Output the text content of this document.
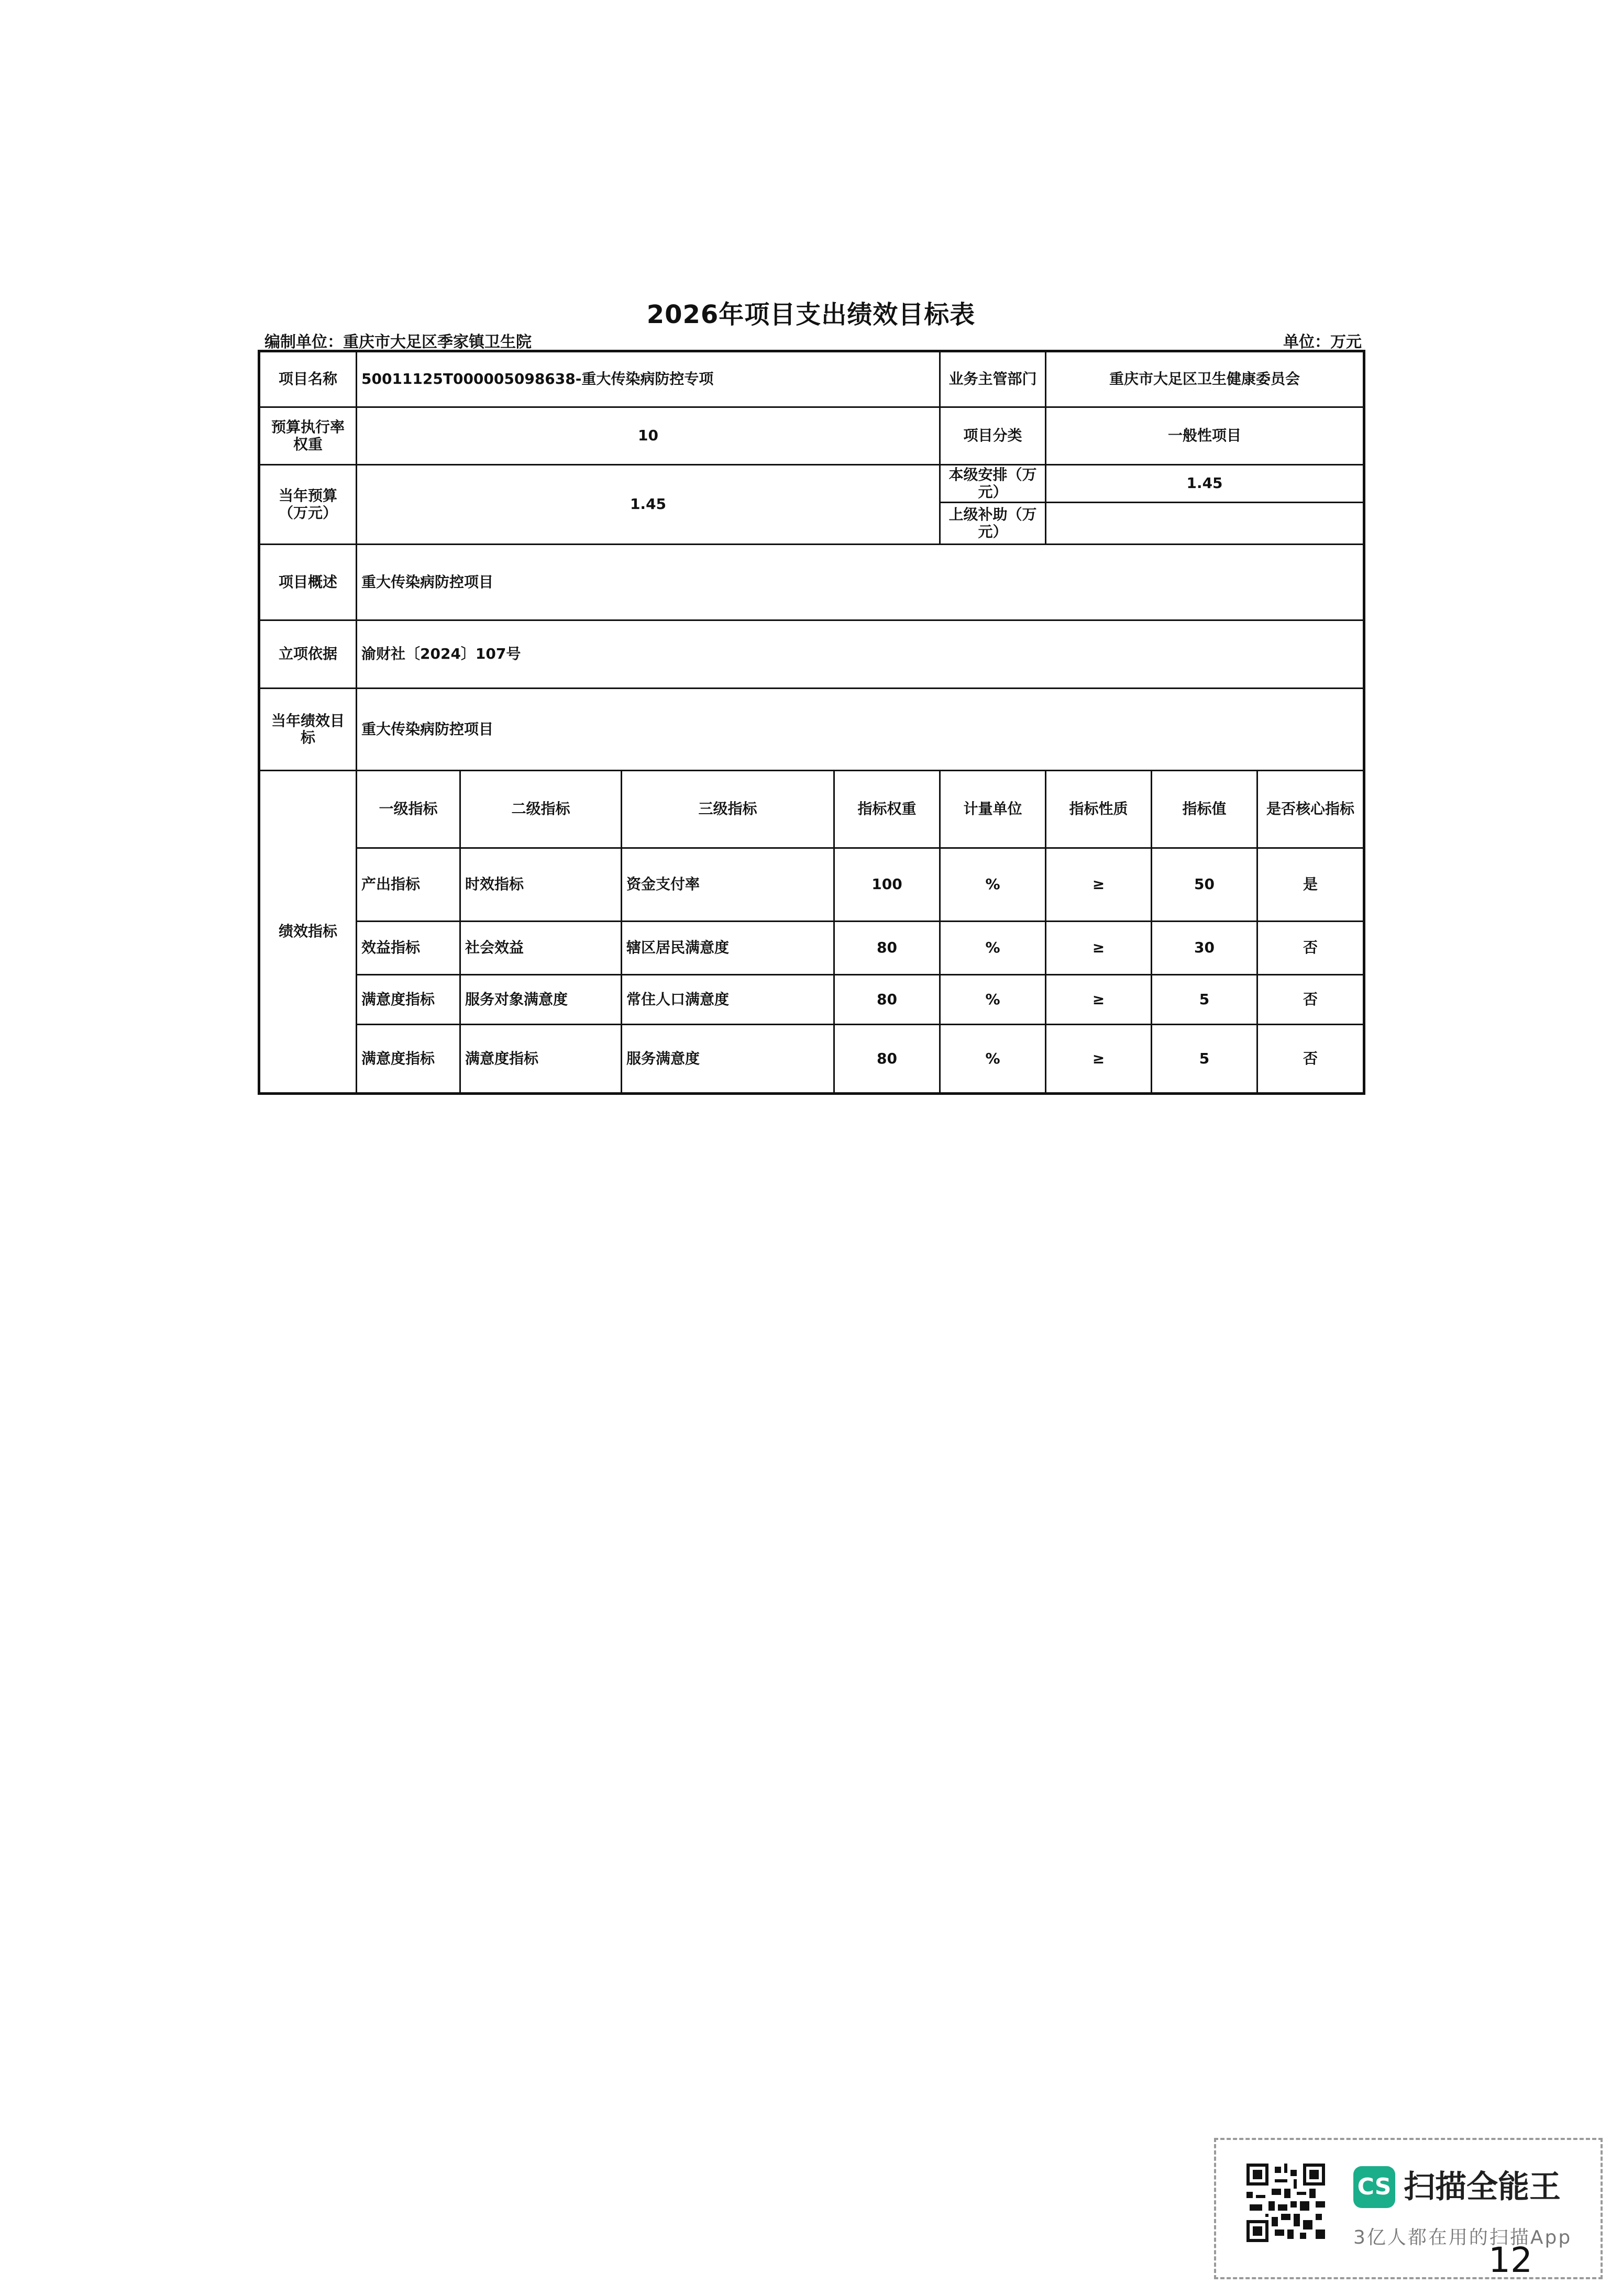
2026年项目支出绩效目标表
编制单位：重庆市大足区季家镇卫生院	单位：万元
项目名称	50011125T000005098638-重大传染病防控专项				业务主管部门	重庆市大足区卫生健康委员会		
预算执行率权重	10				项目分类	一般性项目		
当年预算（万元）	1.45				本级安排（万元）	1.45		
					上级补助（万元）			
项目概述	重大传染病防控项目							
立项依据	渝财社〔2024〕107号							
当年绩效目标	重大传染病防控项目							
绩效指标	一级指标	二级指标	三级指标	指标权重	计量单位	指标性质	指标值	是否核心指标
	产出指标	时效指标	资金支付率	100	%	≥	50	是
	效益指标	社会效益	辖区居民满意度	80	%	≥	30	否
	满意度指标	服务对象满意度	常住人口满意度	80	%	≥	5	否
	满意度指标	满意度指标	服务满意度	80	%	≥	5	否
CS 扫描全能王
3亿人都在用的扫描App
12
